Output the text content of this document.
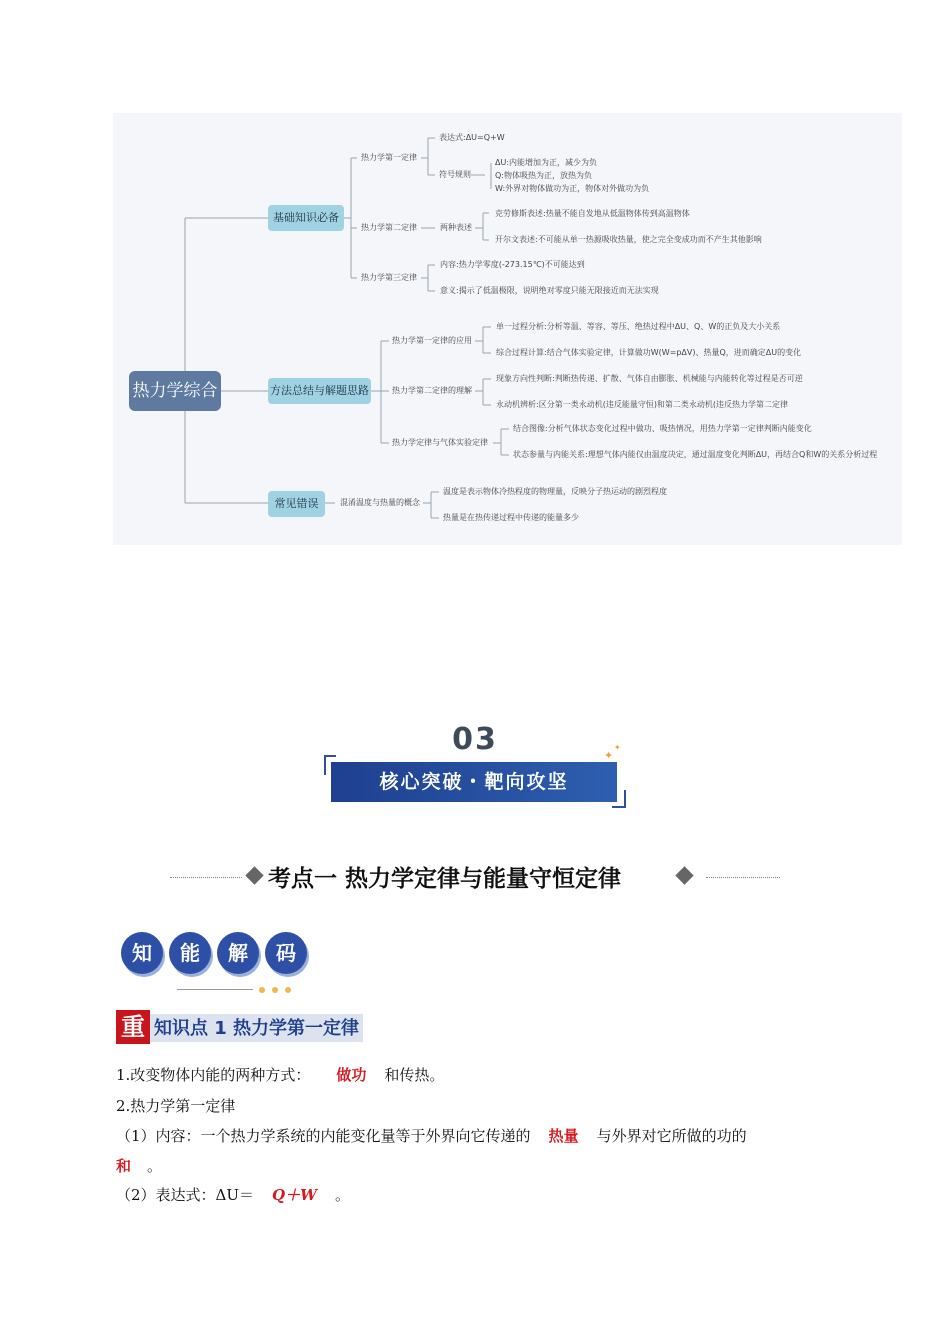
热力学综合
基础知识必备
方法总结与解题思路
常见错误
热力学第一定律
表达式:ΔU=Q+W
符号规则
ΔU:内能增加为正，减少为负
Q:物体吸热为正，放热为负
W:外界对物体做功为正，物体对外做功为负
热力学第二定律	两种表述
克劳修斯表述:热量不能自发地从低温物体传到高温物体
开尔文表述:不可能从单一热源吸收热量，使之完全变成功而不产生其他影响
热力学第三定律
内容:热力学零度(-273.15℃)不可能达到
意义:揭示了低温极限，说明绝对零度只能无限接近而无法实现
热力学第一定律的应用
单一过程分析:分析等温、等容、等压、绝热过程中ΔU、Q、W的正负及大小关系
综合过程计算:结合气体实验定律，计算做功W(W=pΔV)、热量Q，进而确定ΔU的变化
热力学第二定律的理解
现象方向性判断:判断热传递、扩散、气体自由膨胀、机械能与内能转化等过程是否可逆
永动机辨析:区分第一类永动机(违反能量守恒)和第二类永动机(违反热力学第二定律
热力学定律与气体实验定律
结合图像:分析气体状态变化过程中做功、吸热情况，用热力学第一定律判断内能变化
状态参量与内能关系:理想气体内能仅由温度决定，通过温度变化判断ΔU，再结合Q和W的关系分析过程
混淆温度与热量的概念
温度是表示物体冷热程度的物理量，反映分子热运动的剧烈程度
热量是在热传递过程中传递的能量多少
03	✦
✦
核心突破・靶向攻坚
考点一 热力学定律与能量守恒定律
知	能	解	码
重 知识点 1 热力学第一定律
1.改变物体内能的两种方式： 做功 和传热。
2.热力学第一定律
（1）内容：一个热力学系统的内能变化量等于外界向它传递的 热量 与外界对它所做的功的
和 。
（2）表达式：ΔU＝ Q＋W 。
